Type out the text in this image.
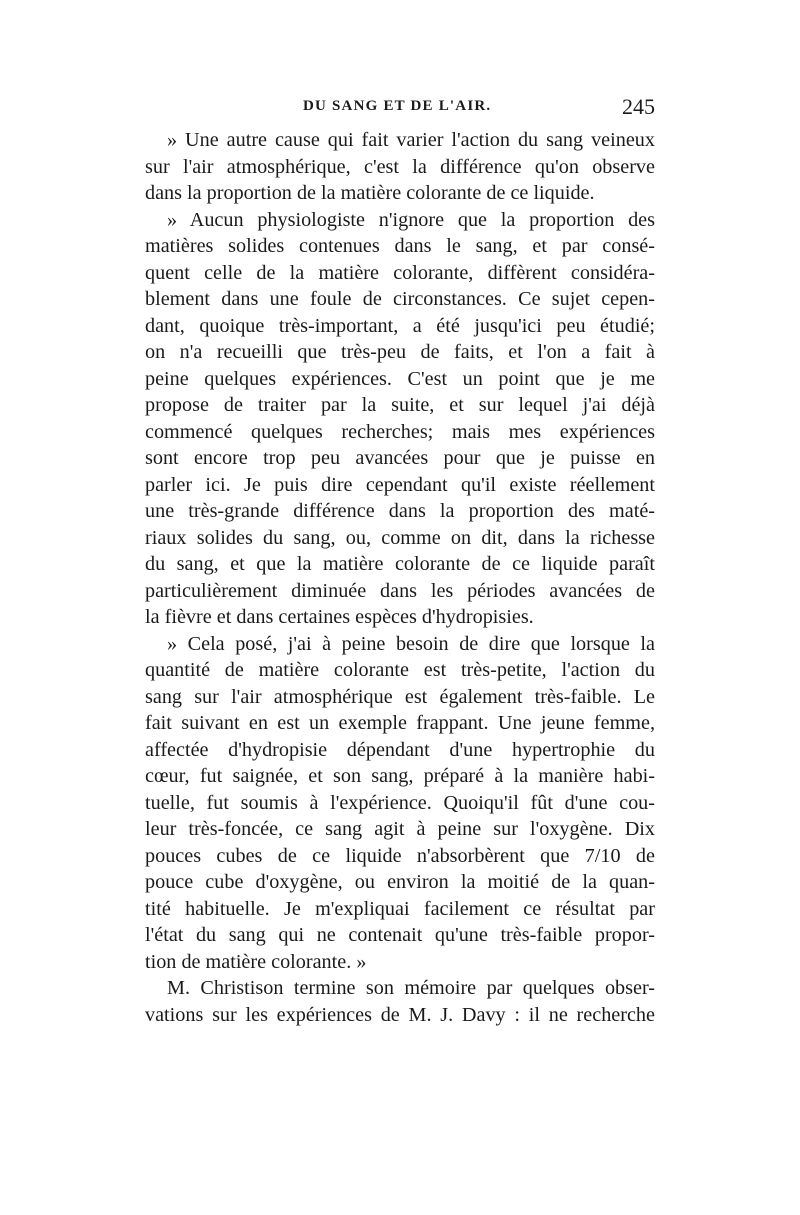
DU SANG ET DE L'AIR.	245
» Une autre cause qui fait varier l'action du sang veineux
sur l'air atmosphérique, c'est la différence qu'on observe
dans la proportion de la matière colorante de ce liquide.
» Aucun physiologiste n'ignore que la proportion des
matières solides contenues dans le sang, et par consé-
quent celle de la matière colorante, diffèrent considéra-
blement dans une foule de circonstances. Ce sujet cepen-
dant, quoique très-important, a été jusqu'ici peu étudié;
on n'a recueilli que très-peu de faits, et l'on a fait à
peine quelques expériences. C'est un point que je me
propose de traiter par la suite, et sur lequel j'ai déjà
commencé quelques recherches; mais mes expériences
sont encore trop peu avancées pour que je puisse en
parler ici. Je puis dire cependant qu'il existe réellement
une très-grande différence dans la proportion des maté-
riaux solides du sang, ou, comme on dit, dans la richesse
du sang, et que la matière colorante de ce liquide paraît
particulièrement diminuée dans les périodes avancées de
la fièvre et dans certaines espèces d'hydropisies.
» Cela posé, j'ai à peine besoin de dire que lorsque la
quantité de matière colorante est très-petite, l'action du
sang sur l'air atmosphérique est également très-faible. Le
fait suivant en est un exemple frappant. Une jeune femme,
affectée d'hydropisie dépendant d'une hypertrophie du
cœur, fut saignée, et son sang, préparé à la manière habi-
tuelle, fut soumis à l'expérience. Quoiqu'il fût d'une cou-
leur très-foncée, ce sang agit à peine sur l'oxygène. Dix
pouces cubes de ce liquide n'absorbèrent que 7/10 de
pouce cube d'oxygène, ou environ la moitié de la quan-
tité habituelle. Je m'expliquai facilement ce résultat par
l'état du sang qui ne contenait qu'une très-faible propor-
tion de matière colorante. »
M. Christison termine son mémoire par quelques obser-
vations sur les expériences de M. J. Davy : il ne recherche
